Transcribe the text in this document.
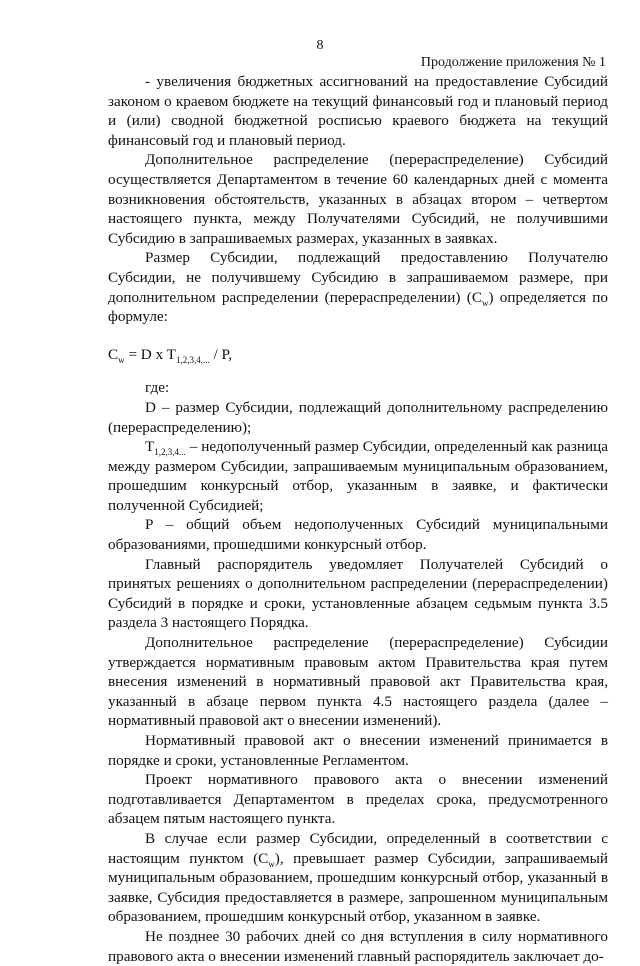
8
Продолжение приложения № 1

- увеличения бюджетных ассигнований на предоставление Субсидий законом о краевом бюджете на текущий финансовый год и плановый период и (или) сводной бюджетной росписью краевого бюджета на текущий финансовый год и плановый период.

Дополнительное распределение (перераспределение) Субсидий осуществляется Департаментом в течение 60 календарных дней с момента возникновения обстоятельств, указанных в абзацах втором – четвертом настоящего пункта, между Получателями Субсидий, не получившими Субсидию в запрашиваемых размерах, указанных в заявках.

Размер Субсидии, подлежащий предоставлению Получателю Субсидии, не получившему Субсидию в запрашиваемом размере, при дополнительном распределении (перераспределении) $(C_w)$ определяется по формуле:

$C_w = D$ x $T_{1,2,3,4,...}$ / P,

где:

D – размер Субсидии, подлежащий дополнительному распределению (перераспределению);

$T_{1,2,3,4...}$ – недополученный размер Субсидии, определенный как разница между размером Субсидии, запрашиваемым муниципальным образованием, прошедшим конкурсный отбор, указанным в заявке, и фактически полученной Субсидией;

P – общий объем недополученных Субсидий муниципальными образованиями, прошедшими конкурсный отбор.

Главный распорядитель уведомляет Получателей Субсидий о принятых решениях о дополнительном распределении (перераспределении) Субсидий в порядке и сроки, установленные абзацем седьмым пункта 3.5 раздела 3 настоящего Порядка.

Дополнительное распределение (перераспределение) Субсидии утверждается нормативным правовым актом Правительства края путем внесения изменений в нормативный правовой акт Правительства края, указанный в абзаце первом пункта 4.5 настоящего раздела (далее – нормативный правовой акт о внесении изменений).

Нормативный правовой акт о внесении изменений принимается в порядке и сроки, установленные Регламентом.

Проект нормативного правового акта о внесении изменений подготавливается Департаментом в пределах срока, предусмотренного абзацем пятым настоящего пункта.

В случае если размер Субсидии, определенный в соответствии с настоящим пунктом $(C_w)$, превышает размер Субсидии, запрашиваемый муниципальным образованием, прошедшим конкурсный отбор, указанный в заявке, Субсидия предоставляется в размере, запрошенном муниципальным образованием, прошедшим конкурсный отбор, указанном в заявке.

Не позднее 30 рабочих дней со дня вступления в силу нормативного правового акта о внесении изменений главный распорядитель заключает до-
